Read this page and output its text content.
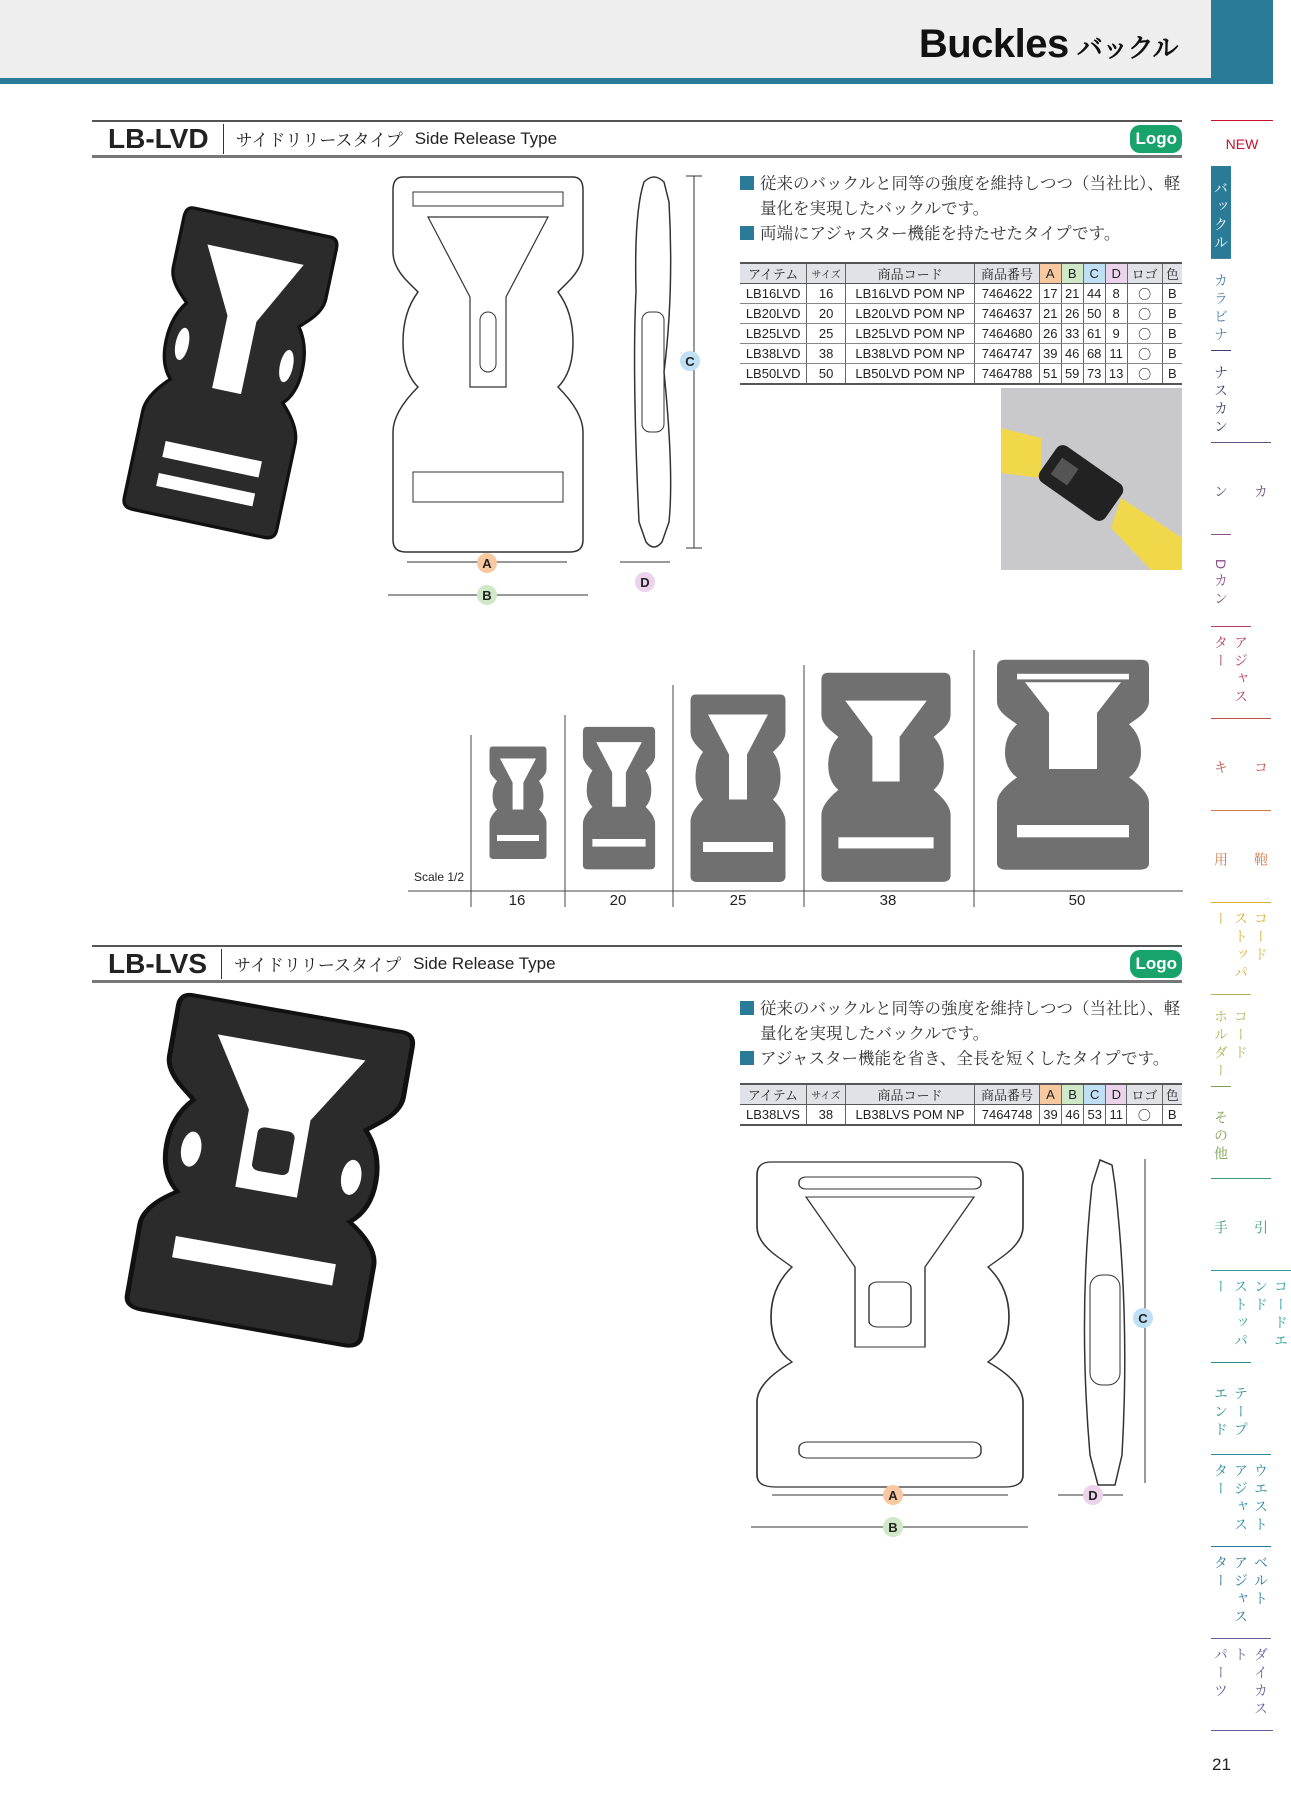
Buckles バックル
LB-LVD	サイドリリースタイプ Side Release Type	Logo
C
A
B
D

従来のバックルと同等の強度を維持しつつ（当社比）、軽量化を実現したバックルです。

両端にアジャスター機能を持たせたタイプです。

アイテム	サイズ	商品コード	商品番号	A	B	C	D	ロゴ	色
LB16LVD	16	LB16LVD POM NP	7464622	17	21	44	8	〇	B
LB20LVD	20	LB20LVD POM NP	7464637	21	26	50	8	〇	B
LB25LVD	25	LB25LVD POM NP	7464680	26	33	61	9	〇	B
LB38LVD	38	LB38LVD POM NP	7464747	39	46	68	11	〇	B
LB50LVD	50	LB50LVD POM NP	7464788	51	59	73	13	〇	B
Scale 1/2
16	20	25	38	50
LB-LVS	サイドリリースタイプ Side Release Type	Logo

従来のバックルと同等の強度を維持しつつ（当社比）、軽量化を実現したバックルです。

アジャスター機能を省き、全長を短くしたタイプです。

アイテム	サイズ	商品コード	商品番号	A	B	C	D	ロゴ	色
LB38LVS	38	LB38LVS POM NP	7464748	39	46	53	11	〇	B
C
A
B
D
NEW
バックル
カラビナ
ナスカン
カ

ン
Dカン
アジャスター
コ

キ
鞄

用
コード
ストッパー
コード
ホルダー
その他
引

手
コードエンド
ストッパー
テープ
エンド
ウエスト
アジャスター
ベルト
アジャスター
ダイカスト
パーツ
21
